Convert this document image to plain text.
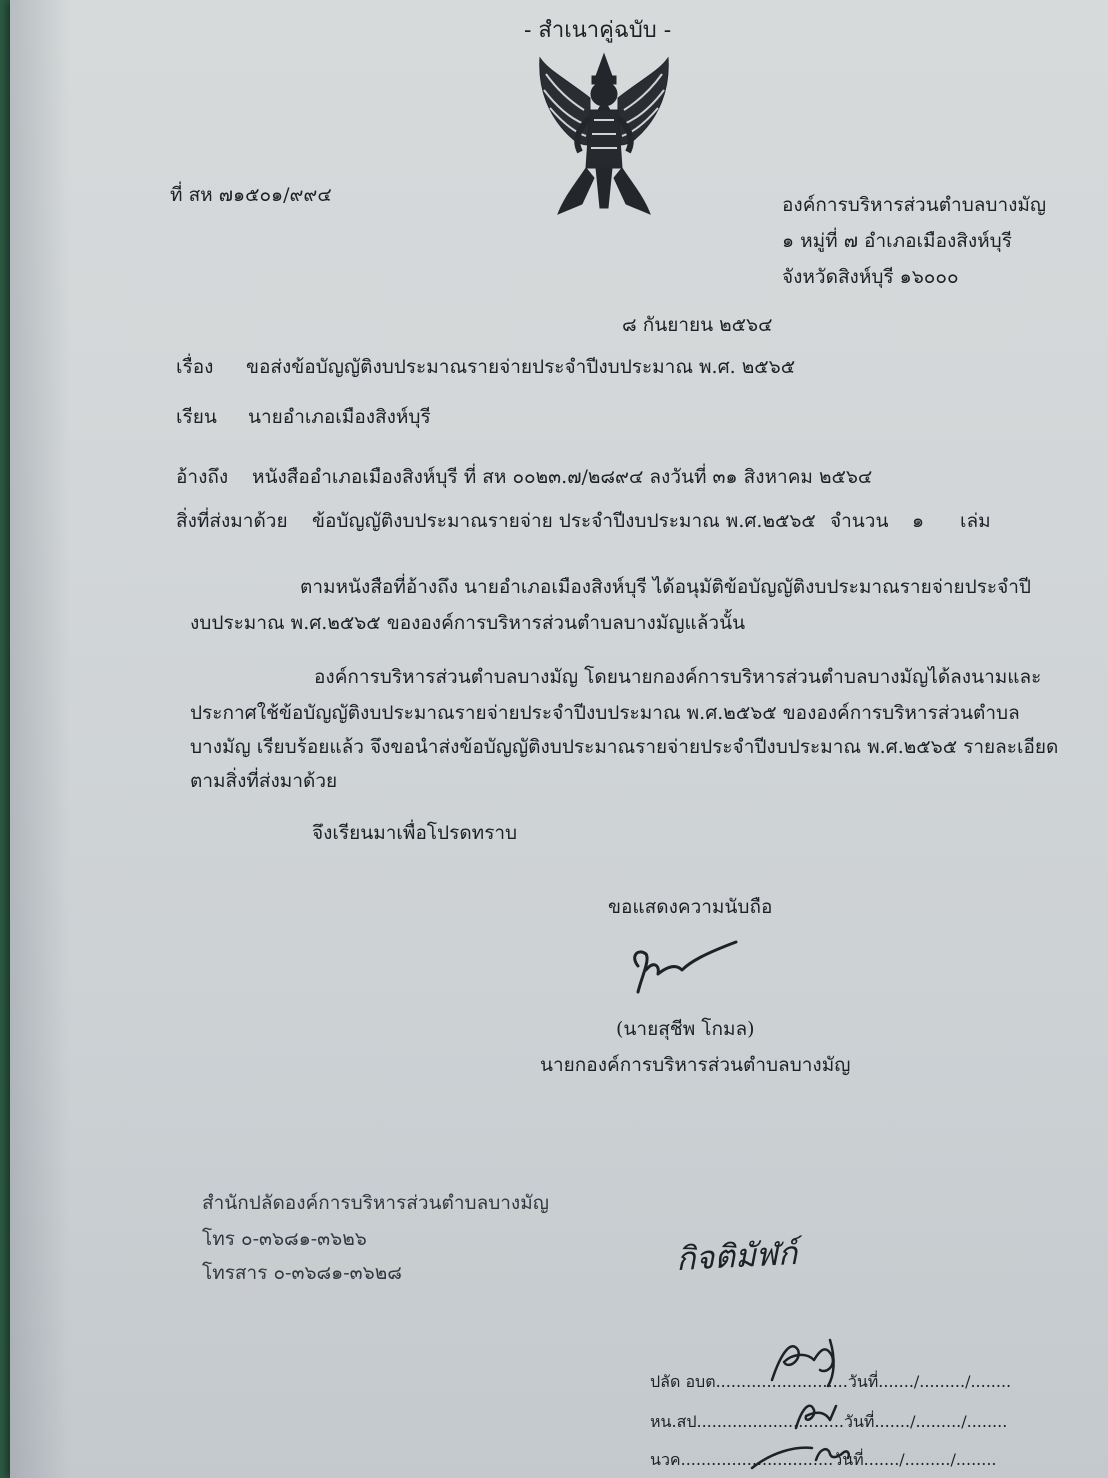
- สำเนาคู่ฉบับ -
ที่ สห ๗๑๕๐๑/๙๙๔	องค์การบริหารส่วนตำบลบางมัญ
๑ หมู่ที่ ๗ อำเภอเมืองสิงห์บุรี
จังหวัดสิงห์บุรี ๑๖๐๐๐
๘ กันยายน ๒๕๖๔
เรื่อง ขอส่งข้อบัญญัติงบประมาณรายจ่ายประจำปีงบประมาณ พ.ศ. ๒๕๖๕
เรียน นายอำเภอเมืองสิงห์บุรี
อ้างถึง หนังสืออำเภอเมืองสิงห์บุรี ที่ สห ๐๐๒๓.๗/๒๘๙๔ ลงวันที่ ๓๑ สิงหาคม ๒๕๖๔
สิ่งที่ส่งมาด้วย ข้อบัญญัติงบประมาณรายจ่าย ประจำปีงบประมาณ พ.ศ.๒๕๖๕ จำนวน ๑ เล่ม
ตามหนังสือที่อ้างถึง นายอำเภอเมืองสิงห์บุรี ได้อนุมัติข้อบัญญัติงบประมาณรายจ่ายประจำปี
งบประมาณ พ.ศ.๒๕๖๕ ขององค์การบริหารส่วนตำบลบางมัญแล้วนั้น
องค์การบริหารส่วนตำบลบางมัญ โดยนายกองค์การบริหารส่วนตำบลบางมัญได้ลงนามและ
ประกาศใช้ข้อบัญญัติงบประมาณรายจ่ายประจำปีงบประมาณ พ.ศ.๒๕๖๕ ขององค์การบริหารส่วนตำบล
บางมัญ เรียบร้อยแล้ว จึงขอนำส่งข้อบัญญัติงบประมาณรายจ่ายประจำปีงบประมาณ พ.ศ.๒๕๖๕ รายละเอียด
ตามสิ่งที่ส่งมาด้วย
จึงเรียนมาเพื่อโปรดทราบ
ขอแสดงความนับถือ
(นายสุชีพ โกมล)
นายกองค์การบริหารส่วนตำบลบางมัญ
สำนักปลัดองค์การบริหารส่วนตำบลบางมัญ
โทร ๐-๓๖๘๑-๓๖๒๖
โทรสาร ๐-๓๖๘๑-๓๖๒๘	กิจติมัฬก์
ปลัด อบต..........................วันที่......./........./........
หน.สป.............................วันที่......./........./........
นวค..............................วันที่......./........./........
